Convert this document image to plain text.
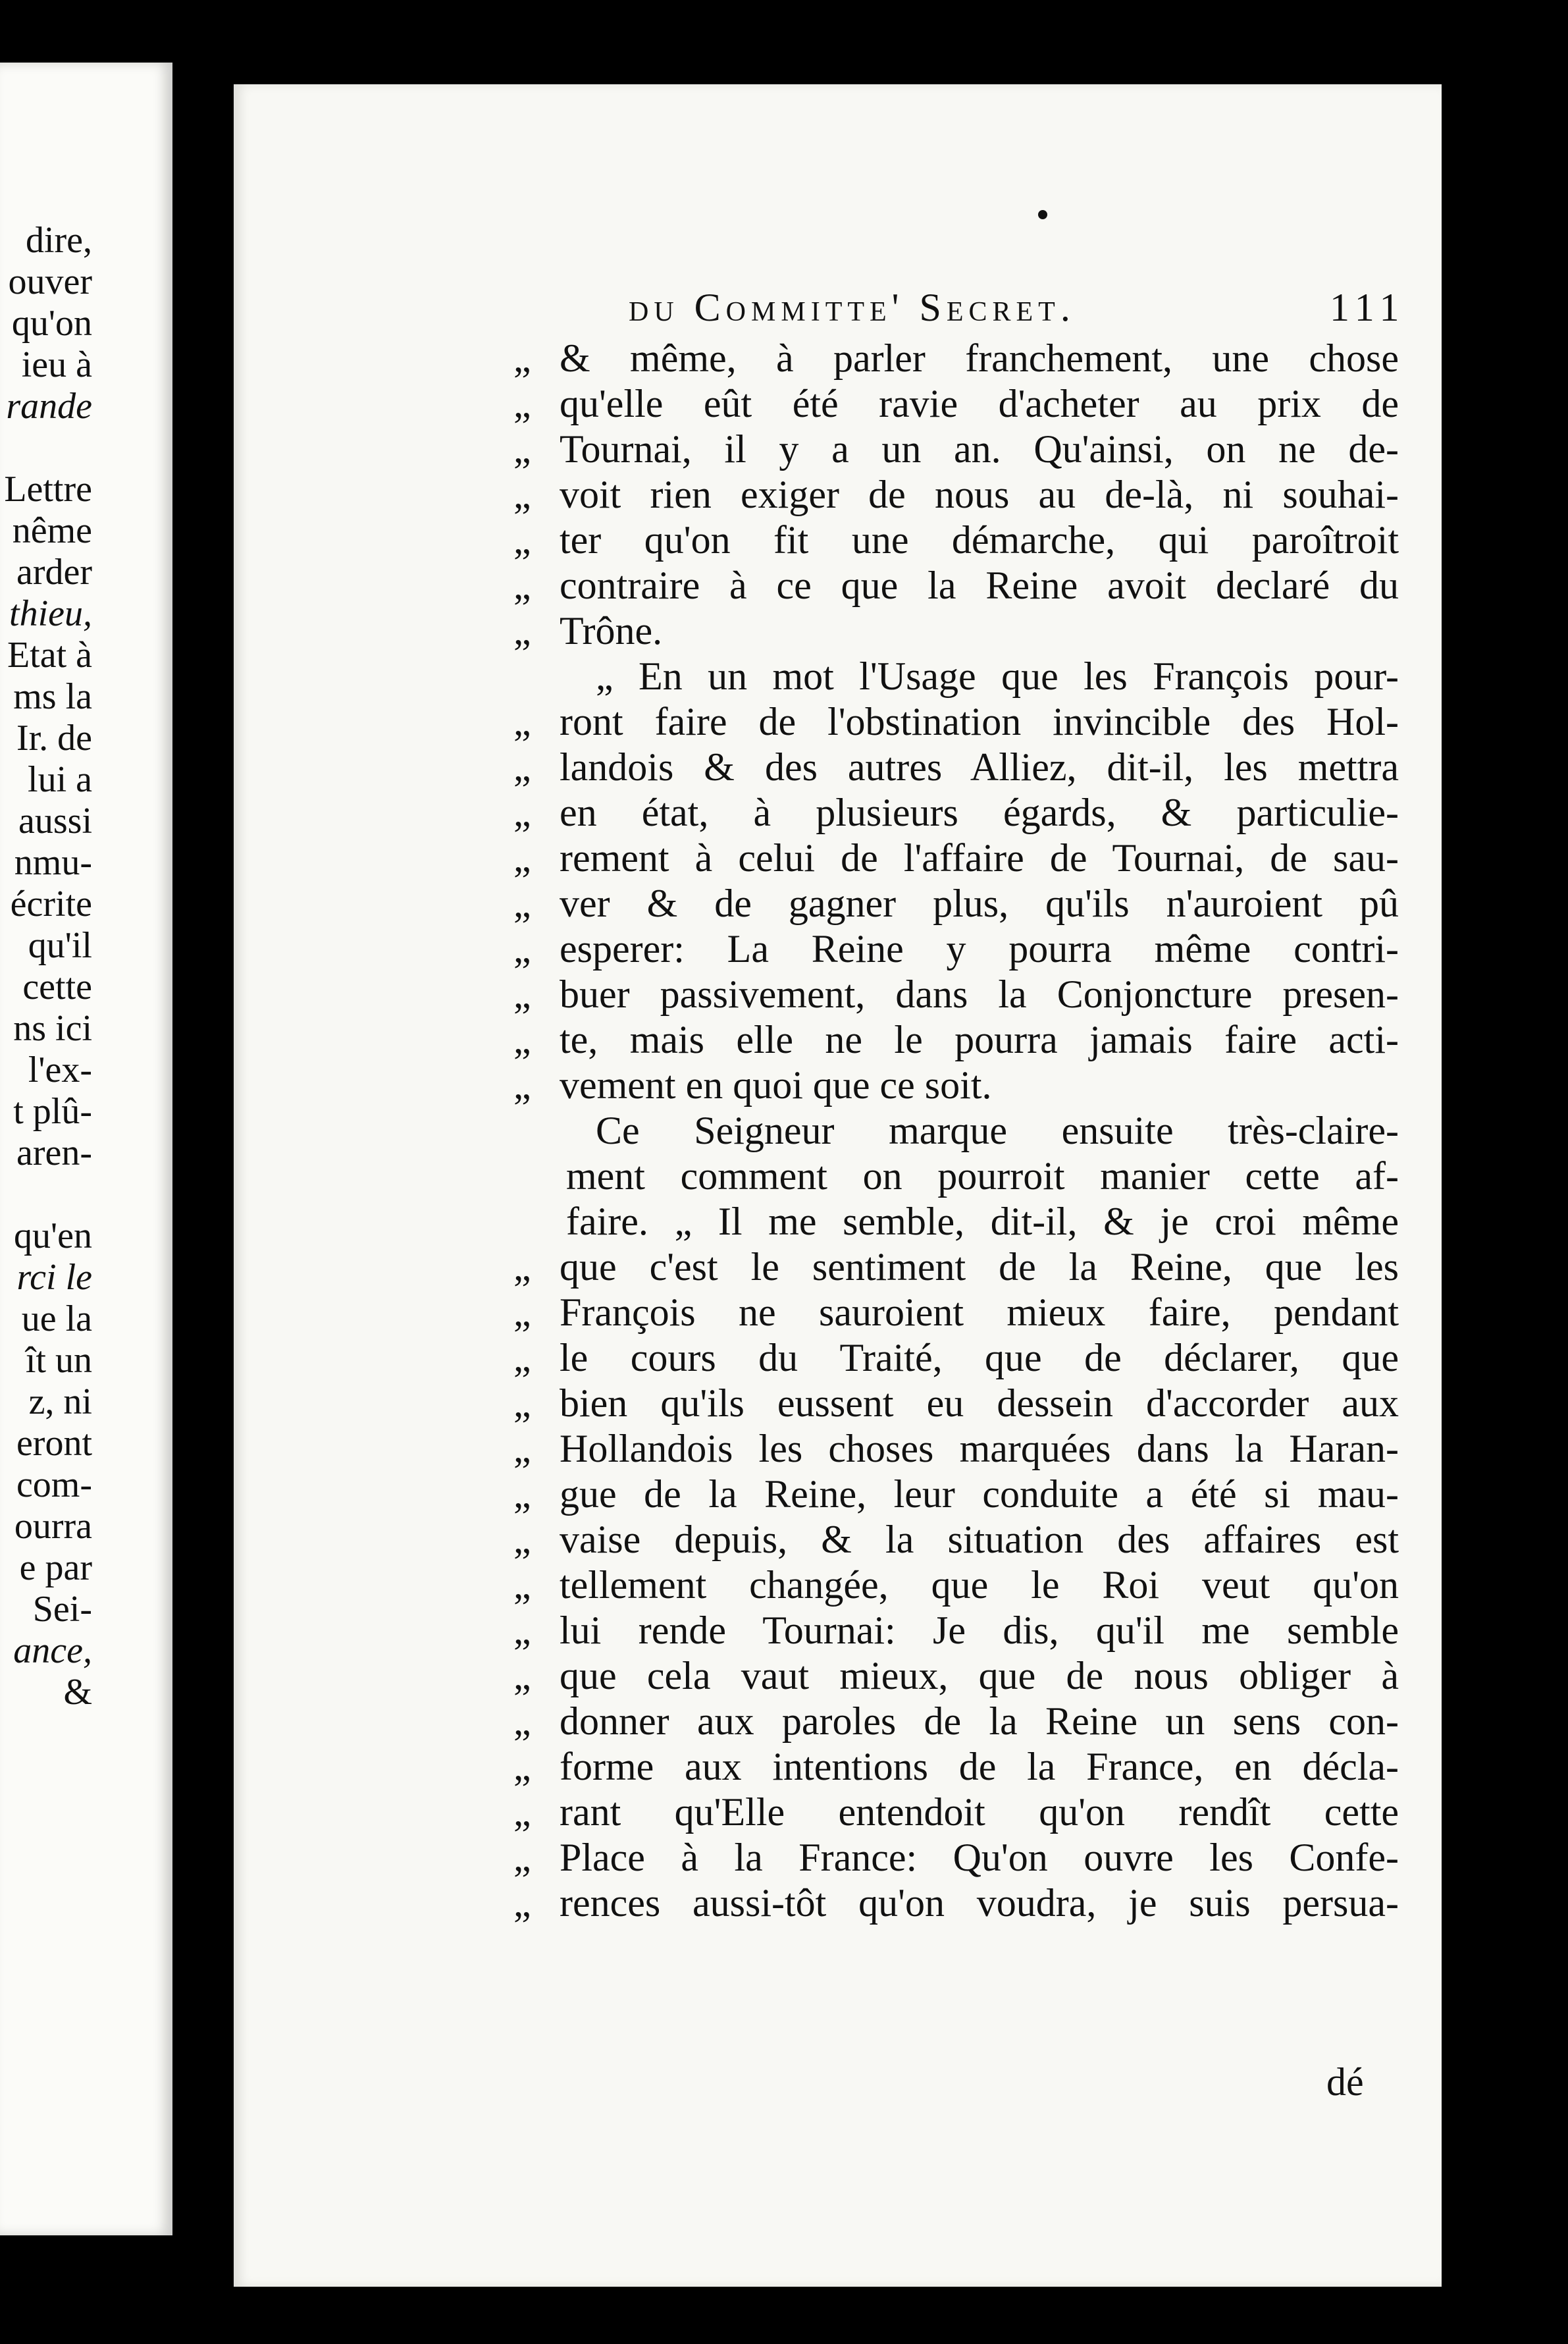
dire,
ouver
qu'on
ieu à
rande
Lettre
nême
arder
thieu,
Etat à
ms la
Ir. de
lui a
aussi
nmu-
écrite
qu'il
cette
ns ici
l'ex-
t plû-
aren-
qu'en
rci le
ue la
ît un
z, ni
eront
com-
ourra
e par
Sei-
ance,
&
du Committe' Secret.	111
„ & même, à parler franchement, une chose
„ qu'elle eût été ravie d'acheter au prix de
„ Tournai, il y a un an. Qu'ainsi, on ne de-
„ voit rien exiger de nous au de-là, ni souhai-
„ ter qu'on fit une démarche, qui paroîtroit
„ contraire à ce que la Reine avoit declaré du
„ Trône.
„ En un mot l'Usage que les François pour-
„ ront faire de l'obstination invincible des Hol-
„ landois & des autres Alliez, dit-il, les mettra
„ en état, à plusieurs égards, & particulie-
„ rement à celui de l'affaire de Tournai, de sau-
„ ver & de gagner plus, qu'ils n'auroient pû
„ esperer: La Reine y pourra même contri-
„ buer passivement, dans la Conjoncture presen-
„ te, mais elle ne le pourra jamais faire acti-
„ vement en quoi que ce soit.
Ce Seigneur marque ensuite très-claire-
ment comment on pourroit manier cette af-
faire. „ Il me semble, dit-il, & je croi même
„ que c'est le sentiment de la Reine, que les
„ François ne sauroient mieux faire, pendant
„ le cours du Traité, que de déclarer, que
„ bien qu'ils eussent eu dessein d'accorder aux
„ Hollandois les choses marquées dans la Haran-
„ gue de la Reine, leur conduite a été si mau-
„ vaise depuis, & la situation des affaires est
„ tellement changée, que le Roi veut qu'on
„ lui rende Tournai: Je dis, qu'il me semble
„ que cela vaut mieux, que de nous obliger à
„ donner aux paroles de la Reine un sens con-
„ forme aux intentions de la France, en décla-
„ rant qu'Elle entendoit qu'on rendît cette
„ Place à la France: Qu'on ouvre les Confe-
„ rences aussi-tôt qu'on voudra, je suis persua-
dé
